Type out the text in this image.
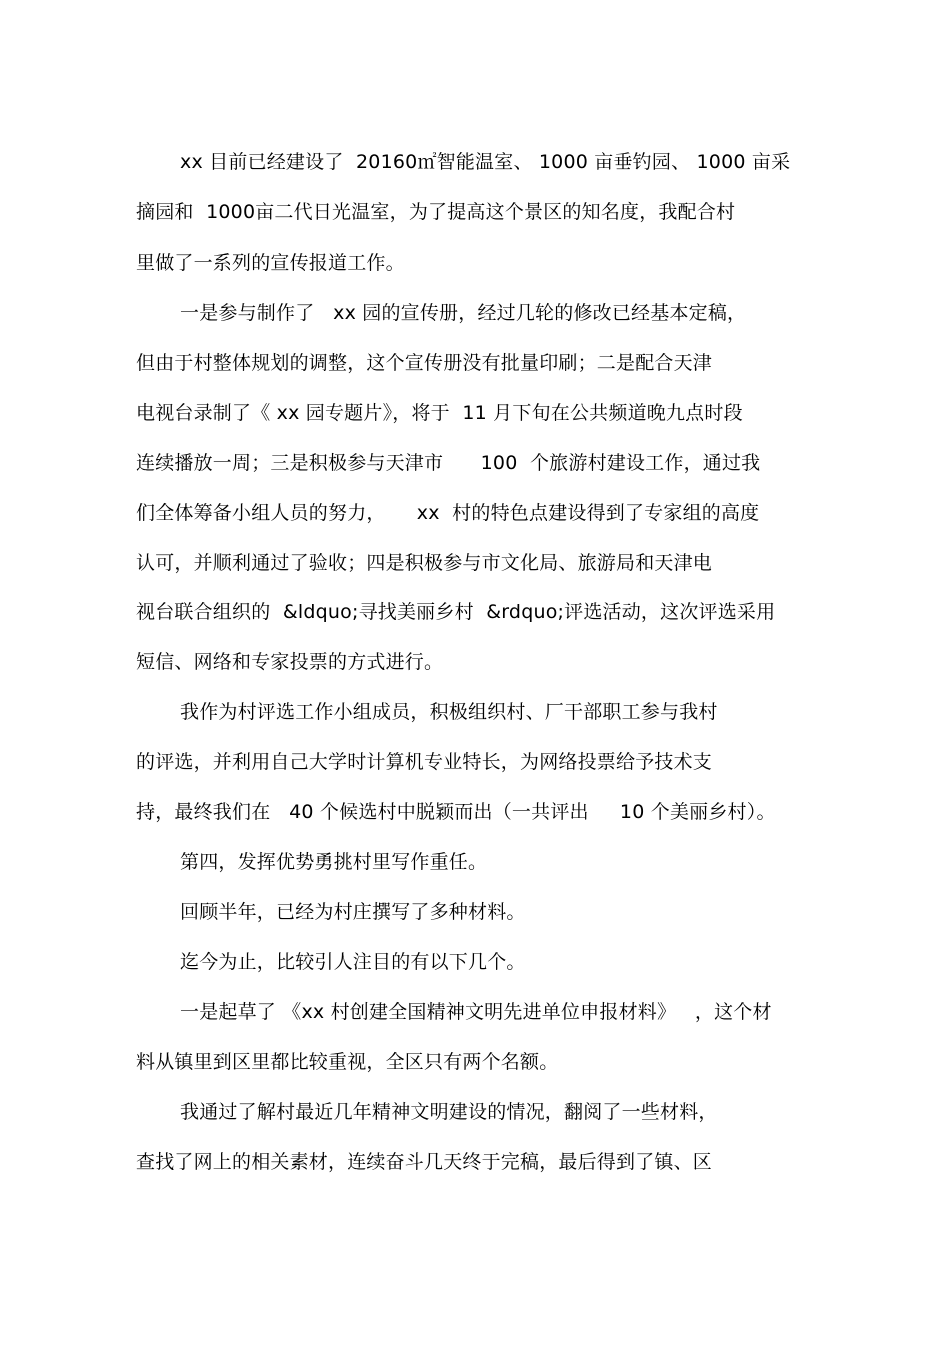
xx 目前已经建设了  20160㎡智能温室、 1000 亩垂钓园、 1000 亩采
摘园和  1000亩二代日光温室，为了提高这个景区的知名度，我配合村
里做了一系列的宣传报道工作。
一是参与制作了   xx 园的宣传册，经过几轮的修改已经基本定稿，
但由于村整体规划的调整，这个宣传册没有批量印刷；二是配合天津
电视台录制了《 xx 园专题片》，将于  11 月下旬在公共频道晚九点时段
连续播放一周；三是积极参与天津市      100  个旅游村建设工作，通过我
们全体筹备小组人员的努力，     xx  村的特色点建设得到了专家组的高度
认可，并顺利通过了验收；四是积极参与市文化局、旅游局和天津电
视台联合组织的  &ldquo;寻找美丽乡村  &rdquo;评选活动，这次评选采用
短信、网络和专家投票的方式进行。
我作为村评选工作小组成员，积极组织村、厂干部职工参与我村
的评选，并利用自己大学时计算机专业特长，为网络投票给予技术支
持，最终我们在   40 个候选村中脱颖而出（一共评出     10 个美丽乡村）。
第四，发挥优势勇挑村里写作重任。
回顾半年，已经为村庄撰写了多种材料。
迄今为止，比较引人注目的有以下几个。
一是起草了 《xx 村创建全国精神文明先进单位申报材料》   ，这个材
料从镇里到区里都比较重视，全区只有两个名额。
我通过了解村最近几年精神文明建设的情况，翻阅了一些材料，
查找了网上的相关素材，连续奋斗几天终于完稿，最后得到了镇、区
